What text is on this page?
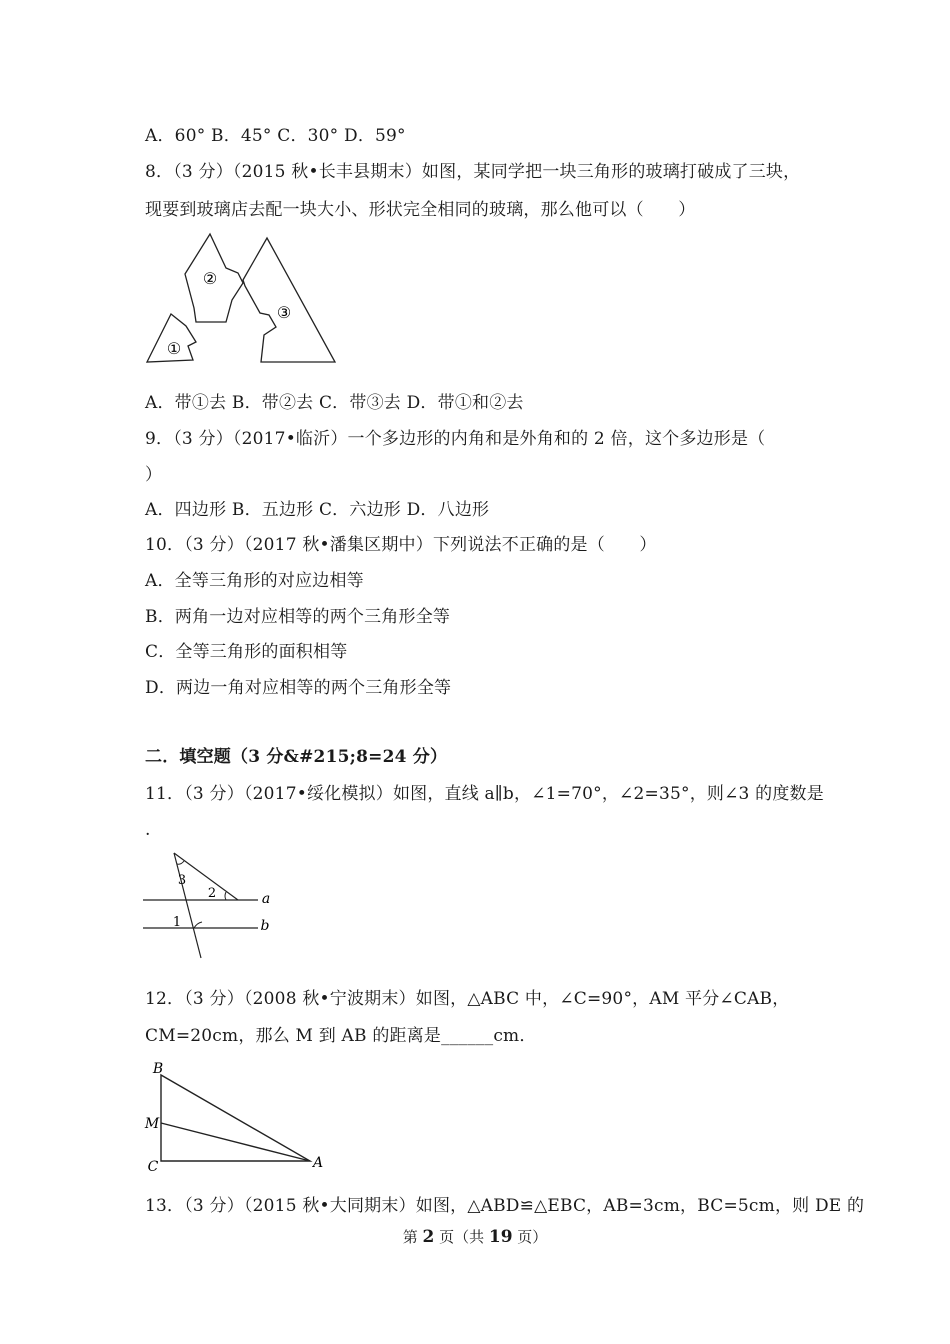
A．60° B．45° C．30° D．59°
8．（3 分）（2015 秋•长丰县期末）如图，某同学把一块三角形的玻璃打破成了三块，
现要到玻璃店去配一块大小、形状完全相同的玻璃，那么他可以（　　）
①
②
③
A．带①去 B．带②去 C．带③去 D．带①和②去
9．（3 分）（2017•临沂）一个多边形的内角和是外角和的 2 倍，这个多边形是（
）
A．四边形 B．五边形 C．六边形 D．八边形
10．（3 分）（2017 秋•潘集区期中）下列说法不正确的是（　　）
A．全等三角形的对应边相等
B．两角一边对应相等的两个三角形全等
C．全等三角形的面积相等
D．两边一角对应相等的两个三角形全等
二．填空题（3 分&#215;8=24 分）
11．（3 分）（2017•绥化模拟）如图，直线 a∥b，∠1=70°，∠2=35°，则∠3 的度数是
.
3
2
1
a
b
12．（3 分）（2008 秋•宁波期末）如图，△ABC 中，∠C=90°，AM 平分∠CAB，
CM=20cm，那么 M 到 AB 的距离是______cm．
B
M
C	A
13．（3 分）（2015 秋•大同期末）如图，△ABD≌△EBC，AB=3cm，BC=5cm，则 DE 的
第 2 页（共 19 页）
